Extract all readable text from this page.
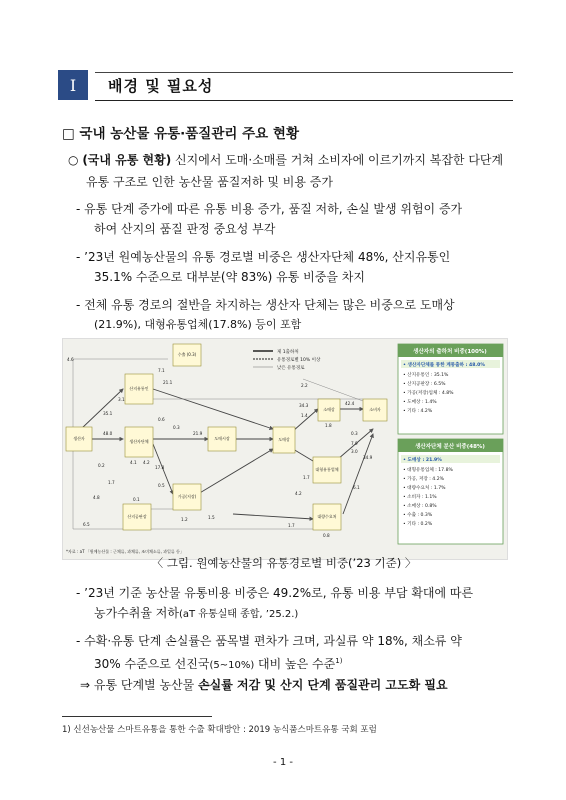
Ⅰ 배경 및 필요성
□ 국내 농산물 유통·품질관리 주요 현황
○ (국내 유통 현황) 신지에서 도매·소매를 거쳐 소비자에 이르기까지 복잡한 다단계
유통 구조로 인한 농산물 품질저하 및 비용 증가
- 유통 단계 증가에 따른 유통 비용 증가, 품질 저하, 손실 발생 위험이 증가
하여 산지의 품질 판정 중요성 부각
- ’23년 원예농산물의 유통 경로별 비중은 생산자단체 48%, 산지유통인
35.1% 수준으로 대부분(약 83%) 유통 비중을 차지
- 전체 유통 경로의 절반을 차지하는 생산자 단체는 많은 비중으로 도매상
(21.9%), 대형유통업체(17.8%) 등이 포함
제 1출하처
유통경로별 10% 이상
낮은 유통경로
수출 (0.3)
산지유통인
생산자
생산자단체
도매시장
가공(저장)
도매상
소매상	소비자
대형유통업체
산지공판장	대량수요처
4.6
7.1
21.1
3.1
0.6
48.0
35.1
0.3
4.1 4.2
21.9
17.8
2.2
1.4
34.3	42.4
1.8
0.3
7.9
3.0
0.2
1.7
0.5
4.8
1.7
4.2
6.1
6.5
1.2	1.5
1.7
0.8
0.1
34.9
*자료 : aT 「원예농산물 : 근채류, 과채류, 조미채소류, 과일류 등」
생산자의 출하처 비중(100%)
• 생산자단체를 통한 계통출하 : 48.0%
• 산지유통인 : 35.1%
• 산지공판장 : 6.5%
• 가공(저장)업체 : 4.8%
• 도매상 : 1.4%
• 기타 : 4.2%
생산자단체 분산 비중(48%)
• 도매상 : 21.9%
• 대형유통업체 : 17.8%
• 가공, 저장 : 4.2%
• 대량수요처 : 1.7%
• 소비자 : 1.1%
• 소매상 : 0.8%
• 수출 : 0.3%
• 기타 : 0.2%
〈 그림. 원예농산물의 유통경로별 비중(’23 기준) 〉
- ’23년 기준 농산물 유통비용 비중은 49.2%로, 유통 비용 부담 확대에 따른
농가수취율 저하(aT 유통실태 종합, ’25.2.)
- 수확·유통 단계 손실률은 품목별 편차가 크며, 과실류 약 18%, 채소류 약
30% 수준으로 선진국(5~10%) 대비 높은 수준$^{1)}$
⇒ 유통 단계별 농산물 손실률 저감 및 산지 단계 품질관리 고도화 필요
1) 신선농산물 스마트유통을 통한 수출 확대방안 : 2019 농식품스마트유통 국회 포럼
- 1 -
